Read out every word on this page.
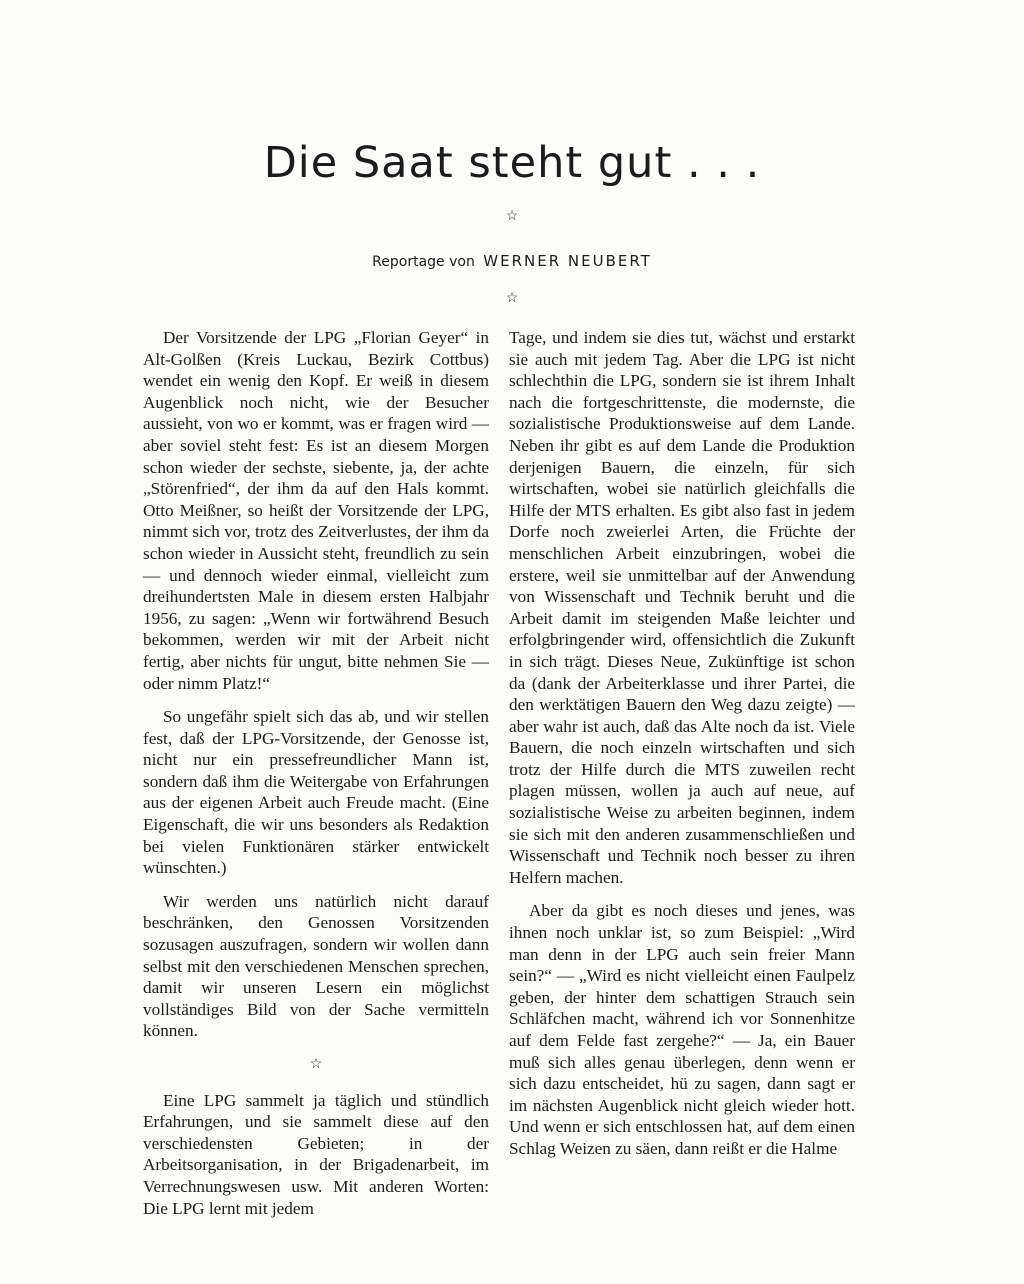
Die Saat steht gut . . .
☆
Reportage von WERNER NEUBERT
☆

Der Vorsitzende der LPG „Florian Geyer“ in Alt-Golßen (Kreis Luckau, Bezirk Cottbus) wendet ein wenig den Kopf. Er weiß in diesem Augenblick noch nicht, wie der Besucher aussieht, von wo er kommt, was er fragen wird — aber soviel steht fest: Es ist an diesem Morgen schon wieder der sechste, siebente, ja, der achte „Störenfried“, der ihm da auf den Hals kommt. Otto Meißner, so heißt der Vorsitzende der LPG, nimmt sich vor, trotz des Zeitverlustes, der ihm da schon wieder in Aussicht steht, freundlich zu sein — und dennoch wieder einmal, vielleicht zum dreihundertsten Male in diesem ersten Halbjahr 1956, zu sagen: „Wenn wir fortwährend Besuch bekommen, werden wir mit der Arbeit nicht fertig, aber nichts für ungut, bitte nehmen Sie — oder nimm Platz!“

So ungefähr spielt sich das ab, und wir stellen fest, daß der LPG-Vorsitzende, der Genosse ist, nicht nur ein pressefreundlicher Mann ist, sondern daß ihm die Weitergabe von Erfahrungen aus der eigenen Arbeit auch Freude macht. (Eine Eigenschaft, die wir uns besonders als Redaktion bei vielen Funktionären stärker entwickelt wünschten.)

Wir werden uns natürlich nicht darauf beschränken, den Genossen Vorsitzenden sozusagen auszufragen, sondern wir wollen dann selbst mit den verschiedenen Menschen sprechen, damit wir unseren Lesern ein möglichst vollständiges Bild von der Sache vermitteln können.

☆

Eine LPG sammelt ja täglich und stündlich Erfahrungen, und sie sammelt diese auf den verschiedensten Gebieten; in der Arbeitsorganisation, in der Brigadenarbeit, im Verrechnungswesen usw. Mit anderen Worten: Die LPG lernt mit jedem

Tage, und indem sie dies tut, wächst und erstarkt sie auch mit jedem Tag. Aber die LPG ist nicht schlechthin die LPG, sondern sie ist ihrem Inhalt nach die fortgeschrittenste, die modernste, die sozialistische Produktionsweise auf dem Lande. Neben ihr gibt es auf dem Lande die Produktion derjenigen Bauern, die einzeln, für sich wirtschaften, wobei sie natürlich gleichfalls die Hilfe der MTS erhalten. Es gibt also fast in jedem Dorfe noch zweierlei Arten, die Früchte der menschlichen Arbeit einzubringen, wobei die erstere, weil sie unmittelbar auf der Anwendung von Wissenschaft und Technik beruht und die Arbeit damit im steigenden Maße leichter und erfolgbringender wird, offensichtlich die Zukunft in sich trägt. Dieses Neue, Zukünftige ist schon da (dank der Arbeiterklasse und ihrer Partei, die den werktätigen Bauern den Weg dazu zeigte) — aber wahr ist auch, daß das Alte noch da ist. Viele Bauern, die noch einzeln wirtschaften und sich trotz der Hilfe durch die MTS zuweilen recht plagen müssen, wollen ja auch auf neue, auf sozialistische Weise zu arbeiten beginnen, indem sie sich mit den anderen zusammenschließen und Wissenschaft und Technik noch besser zu ihren Helfern machen.

Aber da gibt es noch dieses und jenes, was ihnen noch unklar ist, so zum Beispiel: „Wird man denn in der LPG auch sein freier Mann sein?“ — „Wird es nicht vielleicht einen Faulpelz geben, der hinter dem schattigen Strauch sein Schläfchen macht, während ich vor Sonnenhitze auf dem Felde fast zergehe?“ — Ja, ein Bauer muß sich alles genau überlegen, denn wenn er sich dazu entscheidet, hü zu sagen, dann sagt er im nächsten Augenblick nicht gleich wieder hott. Und wenn er sich entschlossen hat, auf dem einen Schlag Weizen zu säen, dann reißt er die Halme
